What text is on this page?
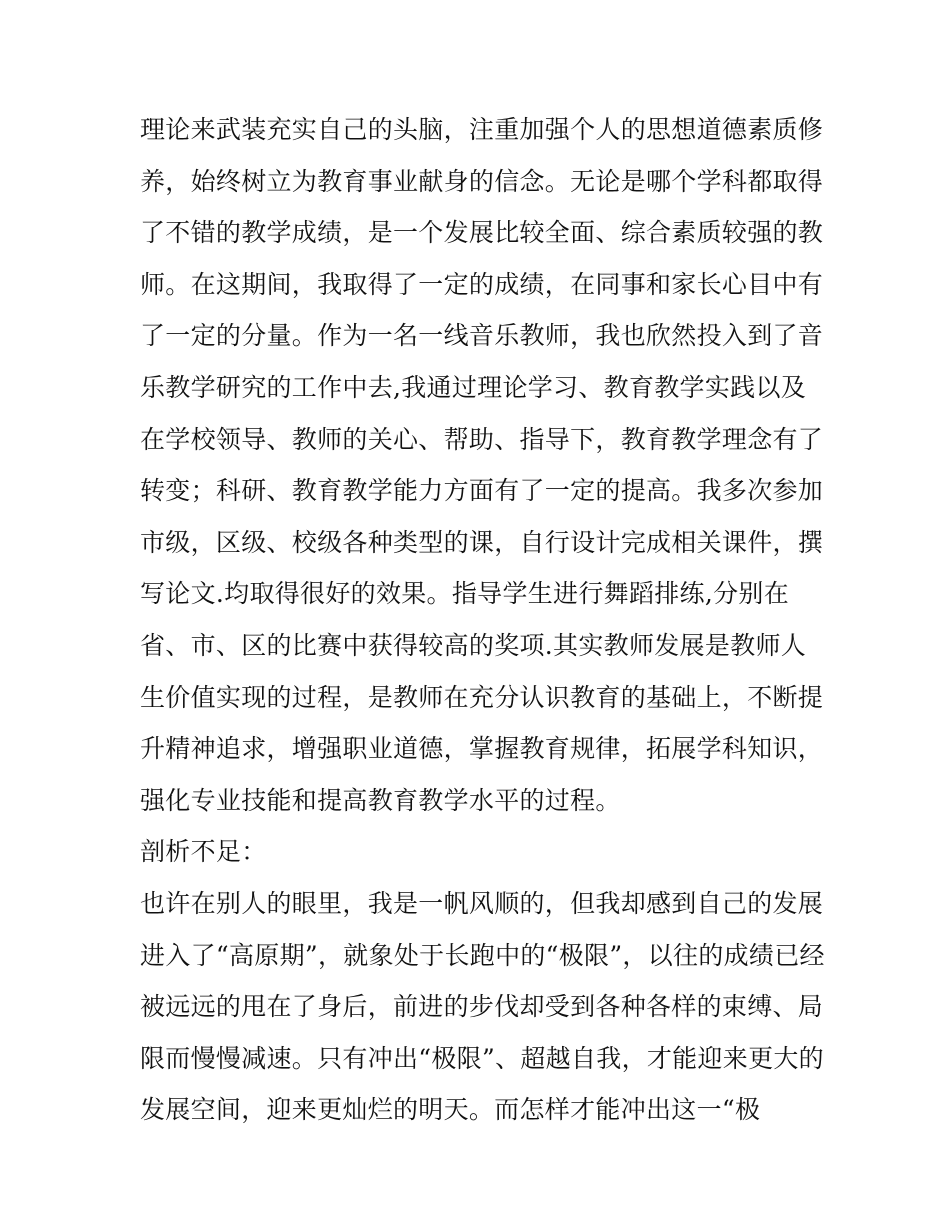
理论来武装充实自己的头脑，注重加强个人的思想道德素质修
养，始终树立为教育事业献身的信念。无论是哪个学科都取得
了不错的教学成绩，是一个发展比较全面、综合素质较强的教
师。在这期间，我取得了一定的成绩，在同事和家长心目中有
了一定的分量。作为一名一线音乐教师，我也欣然投入到了音
乐教学研究的工作中去,我通过理论学习、教育教学实践以及
在学校领导、教师的关心、帮助、指导下，教育教学理念有了
转变；科研、教育教学能力方面有了一定的提高。我多次参加
市级，区级、校级各种类型的课，自行设计完成相关课件，撰
写论文.均取得很好的效果。指导学生进行舞蹈排练,分别在
省、市、区的比赛中获得较高的奖项.其实教师发展是教师人
生价值实现的过程，是教师在充分认识教育的基础上，不断提
升精神追求，增强职业道德，掌握教育规律，拓展学科知识，
强化专业技能和提高教育教学水平的过程。
剖析不足：
也许在别人的眼里，我是一帆风顺的，但我却感到自己的发展
进入了“高原期”，就象处于长跑中的“极限”，以往的成绩已经
被远远的甩在了身后，前进的步伐却受到各种各样的束缚、局
限而慢慢减速。只有冲出“极限”、超越自我，才能迎来更大的
发展空间，迎来更灿烂的明天。而怎样才能冲出这一“极
